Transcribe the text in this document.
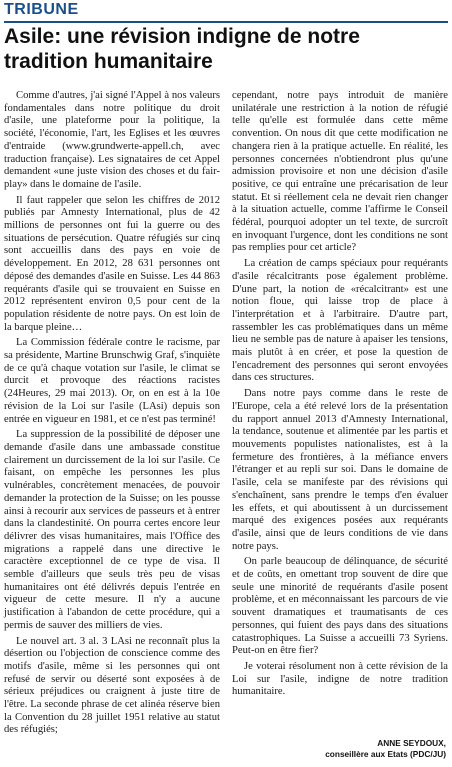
TRIBUNE
Asile: une révision indigne de notre tradition humanitaire

Comme d'autres, j'ai signé l'Appel à nos valeurs fondamentales dans notre politique du droit d'asile, une plateforme pour la politique, la société, l'économie, l'art, les Eglises et les œuvres d'entraide (www.grundwerte-appell.ch, avec traduction française). Les signataires de cet Appel demandent «une juste vision des choses et du fair-play» dans le domaine de l'asile.

Il faut rappeler que selon les chiffres de 2012 publiés par Amnesty International, plus de 42 millions de personnes ont fui la guerre ou des situations de persécution. Quatre réfugiés sur cinq sont accueillis dans des pays en voie de développement. En 2012, 28 631 personnes ont déposé des demandes d'asile en Suisse. Les 44 863 requérants d'asile qui se trouvaient en Suisse en 2012 représentent environ 0,5 pour cent de la population résidente de notre pays. On est loin de la barque pleine…

La Commission fédérale contre le racisme, par sa présidente, Martine Brunschwig Graf, s'inquiète de ce qu'à chaque votation sur l'asile, le climat se durcit et provoque des réactions racistes (24Heures, 29 mai 2013). Or, on en est à la 10e révision de la Loi sur l'asile (LAsi) depuis son entrée en vigueur en 1981, et ce n'est pas terminé!

La suppression de la possibilité de déposer une demande d'asile dans une ambassade constitue clairement un durcissement de la loi sur l'asile. Ce faisant, on empêche les personnes les plus vulnérables, concrètement menacées, de pouvoir demander la protection de la Suisse; on les pousse ainsi à recourir aux services de passeurs et à entrer dans la clandestinité. On pourra certes encore leur délivrer des visas humanitaires, mais l'Office des migrations a rappelé dans une directive le caractère exceptionnel de ce type de visa. Il semble d'ailleurs que seuls très peu de visas humanitaires ont été délivrés depuis l'entrée en vigueur de cette mesure. Il n'y a aucune justification à l'abandon de cette procédure, qui a permis de sauver des milliers de vies.

Le nouvel art. 3 al. 3 LAsi ne reconnaît plus la désertion ou l'objection de conscience comme des motifs d'asile, même si les personnes qui ont refusé de servir ou déserté sont exposées à de sérieux préjudices ou craignent à juste titre de l'être. La seconde phrase de cet alinéa réserve bien la Convention du 28 juillet 1951 relative au statut des réfugiés;

cependant, notre pays introduit de manière unilatérale une restriction à la notion de réfugié telle qu'elle est formulée dans cette même convention. On nous dit que cette modification ne changera rien à la pratique actuelle. En réalité, les personnes concernées n'obtiendront plus qu'une admission provisoire et non une décision d'asile positive, ce qui entraîne une précarisation de leur statut. Et si réellement cela ne devait rien changer à la situation actuelle, comme l'affirme le Conseil fédéral, pourquoi adopter un tel texte, de surcroît en invoquant l'urgence, dont les conditions ne sont pas remplies pour cet article?

La création de camps spéciaux pour requérants d'asile récalcitrants pose également problème. D'une part, la notion de «récalcitrant» est une notion floue, qui laisse trop de place à l'interprétation et à l'arbitraire. D'autre part, rassembler les cas problématiques dans un même lieu ne semble pas de nature à apaiser les tensions, mais plutôt à en créer, et pose la question de l'encadrement des personnes qui seront envoyées dans ces structures.

Dans notre pays comme dans le reste de l'Europe, cela a été relevé lors de la présentation du rapport annuel 2013 d'Amnesty International, la tendance, soutenue et alimentée par les partis et mouvements populistes nationalistes, est à la fermeture des frontières, à la méfiance envers l'étranger et au repli sur soi. Dans le domaine de l'asile, cela se manifeste par des révisions qui s'enchaînent, sans prendre le temps d'en évaluer les effets, et qui aboutissent à un durcissement marqué des exigences posées aux requérants d'asile, ainsi que de leurs conditions de vie dans notre pays.

On parle beaucoup de délinquance, de sécurité et de coûts, en omettant trop souvent de dire que seule une minorité de requérants d'asile posent problème, et en méconnaissant les parcours de vie souvent dramatiques et traumatisants de ces personnes, qui fuient des pays dans des situations catastrophiques. La Suisse a accueilli 73 Syriens. Peut-on en être fier?

Je voterai résolument non à cette révision de la Loi sur l'asile, indigne de notre tradition humanitaire.

ANNE SEYDOUX,
conseillère aux Etats (PDC/JU)
